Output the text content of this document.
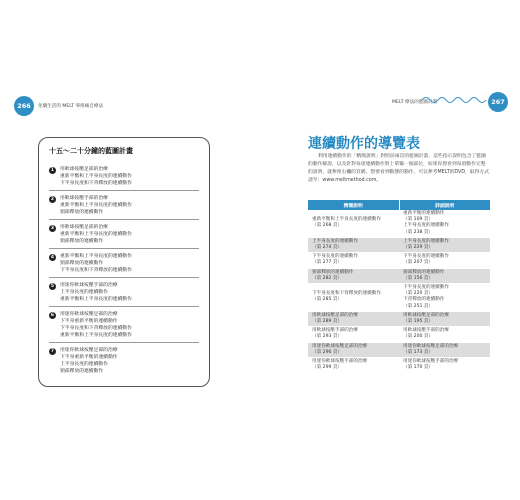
266	免藥生活的 MELT 零疼痛自療法
十五～二十分鐘的藍圖計畫
1	用軟球按壓足部的治療
重新平衡和上半身長度的連續動作
下半身長度和下背釋放的連續動作
2	用軟球按壓手部的治療
重新平衡和上半身長度的連續動作
頸部釋放的連續動作
3	用軟球按壓足部的治療
重新平衡和上半身長度的連續動作
頸部釋放的連續動作
4	重新平衡和上半身長度的連續動作
頸部釋放的連續動作
下半身長度和下背釋放的連續動作
5	用迷你軟球按壓手部的治療
上半身長度的連續動作
重新平衡和上半身長度的連續動作
6	用迷你軟球按壓足部的治療
下半身重新平衡的連續動作
下半身長度和下背釋放的連續動作
重新平衡和上半身長度的連續動作
7	用迷你軟球按壓足部的治療
下半身重新平衡的連續動作
上半身長度的連續動作
頸部釋放的連續動作
MELT 療法的藍圖計畫	267
連續動作的導覽表
利用連續動作的「精簡說明」對照前兩頁的藍圖計畫，這些指示說明包含了藍圖的動作解說，以及針對每項連續動作對上單獨一個部位，如果你想看到每項動作完整的說明，就參照右欄的頁碼，想要看到動態的動作，可以參考MELT的DVD，取得方式請至：www.meltmethod.com。
精簡說明	詳細說明

重新平衡和上半身長度的連續動作
（第 268 頁）	重新平衡的連續動作
（第 109 頁）
上半身長度的連續動作
（第 238 頁）

上半身長度的連續動作
（第 274 頁）	上半身長度的連續動作
（第 229 頁）

下半身長度的連續動作
（第 277 頁）	下半身長度的連續動作
（第 207 頁）

頸部釋放的連續動作
（第 282 頁）	頸部釋放的連續動作
（第 156 頁）

下半身長度和下背釋放的連續動作
（第 285 頁）	下半身長度的連續動作
（第 220 頁）
下背釋放的連續動作
（第 251 頁）

用軟球按壓足部的治療
（第 289 頁）	用軟球按壓足部的治療
（第 195 頁）

用軟球按壓手部的治療
（第 293 頁）	用軟球按壓手部的治療
（第 200 頁）

用迷你軟球按壓足部的治療
（第 296 頁）	用迷你軟球按壓足部的治療
（第 173 頁）

用迷你軟球按壓手部的治療
（第 299 頁）	用迷你軟球按壓手部的治療
（第 170 頁）
